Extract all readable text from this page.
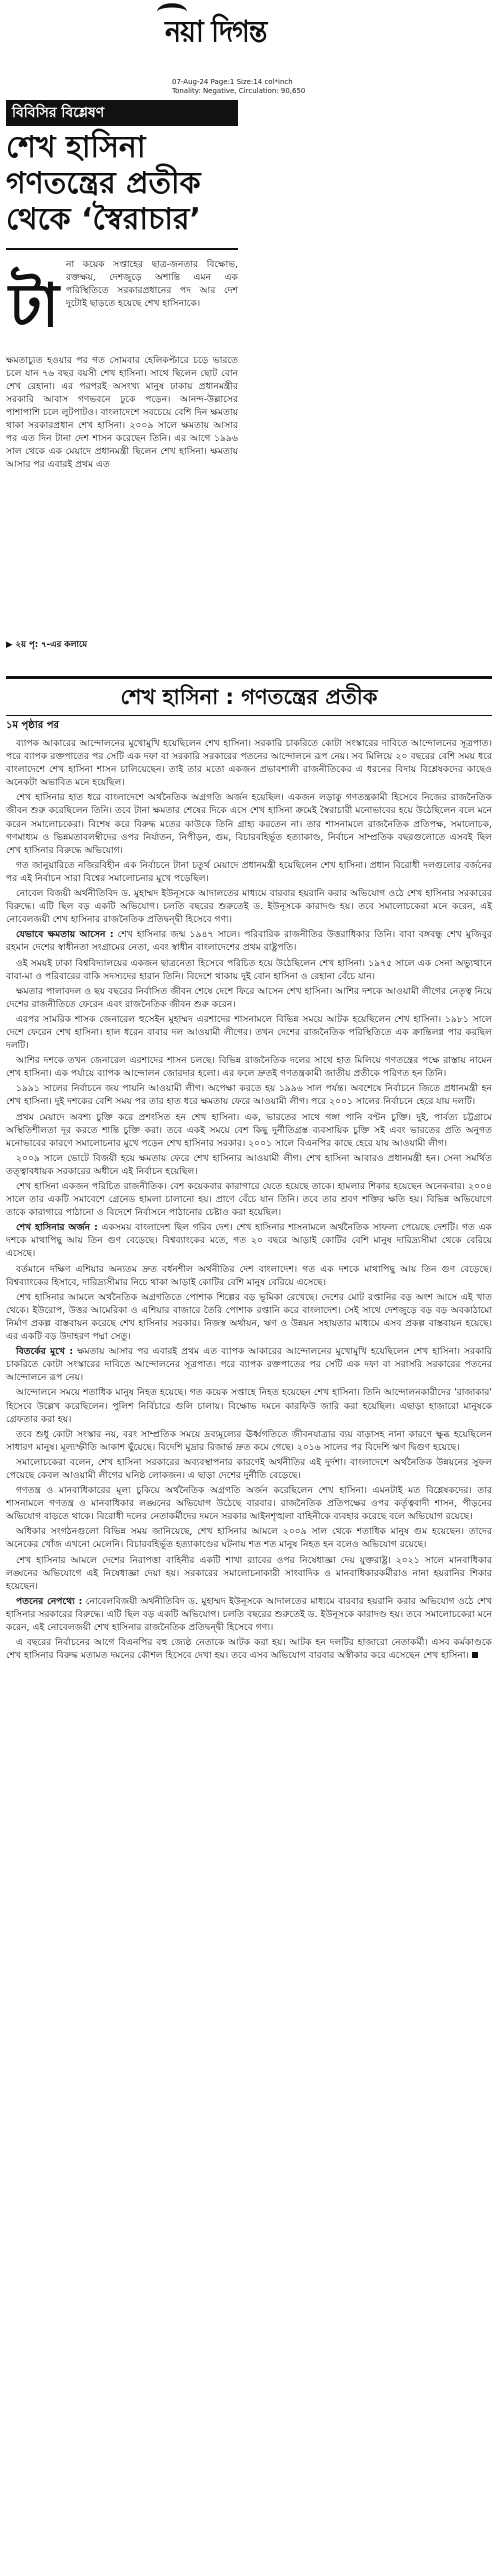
নয়া দিগন্ত
07-Aug-24 Page:1 Size:14 col*inch
Tonality: Negative, Circulation: 90,650
বিবিসির বিশ্লেষণ
শেখ হাসিনা
গণতন্ত্রের প্রতীক
থেকে ‘স্বৈরাচার’
টা
না কয়েক সপ্তাহের ছাত্র-জনতার বিক্ষোভ, রক্তক্ষয়, দেশজুড়ে অশান্তি এমন এক পরিস্থিতিতে সরকারপ্রধানের পদ আর দেশ দুটোই ছাড়তে হয়েছে শেখ হাসিনাকে।
ক্ষমতাচ্যুত হওয়ার পর গত সোমবার হেলিকপ্টারে চড়ে ভারতে চলে যান ৭৬ বছর বয়সী শেখ হাসিনা। সাথে ছিলেন ছোট বোন শেখ রেহানা। এর পরপরই অসংখ্য মানুষ ঢাকায় প্রধানমন্ত্রীর সরকারি আবাস গণভবনে ঢুকে পড়েন। আনন্দ-উল্লাসের পাশাপাশি চলে লুটপাটও। বাংলাদেশে সবচেয়ে বেশি দিন ক্ষমতায় থাকা সরকারপ্রধান শেখ হাসিনা। ২০০৯ সালে ক্ষমতায় আসার পর এত দিন টানা দেশ শাসন করেছেন তিনি। এর আগে ১৯৯৬ সাল থেকে এক মেয়াদে প্রধানমন্ত্রী ছিলেন শেখ হাসিনা। ক্ষমতায় আসার পর এবারই প্রথম এত
▶ ২য় পৃ: ৭-এর কলামে
শেখ হাসিনা : গণতন্ত্রের প্রতীক
১ম পৃষ্ঠার পর

ব্যাপক আকারের আন্দোলনের মুখোমুখি হয়েছিলেন শেখ হাসিনা। সরকারি চাকরিতে কোটা সংস্কারের দাবিতে আন্দোলনের সূত্রপাত। পরে ব্যাপক রক্তপাতের পর সেটি এক দফা বা সরকারি সরকারের পতনের আন্দোলনে রূপ নেয়। সব মিলিয়ে ২০ বছরের বেশি সময় ধরে বাংলাদেশে শেখ হাসিনা শাসন চালিয়েছেন। তাই তার মতো একজন প্রভাবশালী রাজনীতিকের এ ধরনের বিদায় বিশ্লেষকদের কাছেও অনেকটা অভাবিত মনে হয়েছিল।

শেখ হাসিনার হাত ধরে বাংলাদেশে অর্থনৈতিক অগ্রগতি অর্জন হয়েছিল। একজন লড়াকু গণতন্ত্রকামী হিসেবে নিজের রাজনৈতিক জীবন শুরু করেছিলেন তিনি। তবে টানা ক্ষমতার শেষের দিকে এসে শেখ হাসিনা ক্রমেই স্বৈরাচারী মনোভাবের হয়ে উঠেছিলেন বলে মনে করেন সমালোচকেরা। বিশেষ করে বিরুদ্ধ মতের কাউকে তিনি গ্রাহ্য করতেন না। তার শাসনামলে রাজনৈতিক প্রতিপক্ষ, সমালোচক, গণমাধ্যম ও ভিন্নমতাবলম্বীদের ওপর নির্যাতন, নিপীড়ন, গুম, বিচারবহির্ভূত হত্যাকাণ্ড, নির্বাচন সাম্প্রতিক বছরগুলোতে এসবই ছিল শেখ হাসিনার বিরুদ্ধে অভিযোগ।

গত জানুয়ারিতে নজিরবিহীন এক নির্বাচনে টানা চতুর্থ মেয়াদে প্রধানমন্ত্রী হয়েছিলেন শেখ হাসিনা। প্রধান বিরোধী দলগুলোর বর্জনের পর এই নির্বাচন সারা বিশ্বের সমালোচনার মুখে পড়েছিল।

নোবেল বিজয়ী অর্থনীতিবিদ ড. মুহাম্মদ ইউনূসকে আদালতের মাধ্যমে বারবার হয়রানি করার অভিযোগ ওঠে শেখ হাসিনার সরকারের বিরুদ্ধে। এটি ছিল বড় একটি অভিযোগ। চলতি বছরের শুরুতেই ড. ইউনূসকে কারাদণ্ড হয়। তবে সমালোচকেরা মনে করেন, এই নোবেলজয়ী শেখ হাসিনার রাজনৈতিক প্রতিদ্বন্দ্বী হিসেবে গণ্য।

যেভাবে ক্ষমতায় আসেন : শেখ হাসিনার জন্ম ১৯৪৭ সালে। পরিবারিক রাজনীতির উত্তরাধিকার তিনি। বাবা বঙ্গবন্ধু শেখ মুজিবুর রহমান দেশের স্বাধীনতা সংগ্রামের নেতা, এবং স্বাধীন বাংলাদেশের প্রথম রাষ্ট্রপতি।

ওই সময়ই ঢাকা বিশ্ববিদ্যালয়ের একজন ছাত্রনেতা হিসেবে পরিচিত হয়ে উঠেছিলেন শেখ হাসিনা। ১৯৭৫ সালে এক সেনা অভ্যুত্থানে বাবা-মা ও পরিবারের বাকি সদস্যদের হারান তিনি। বিদেশে থাকায় দুই বোন হাসিনা ও রেহানা বেঁচে যান।

ক্ষমতার পালাবদল ও ছয় বছরের নির্বাসিত জীবন শেষে দেশে ফিরে আসেন শেখ হাসিনা। আশির দশকে আওয়ামী লীগের নেতৃত্ব নিয়ে দেশের রাজনীতিতে ফেরেন এবং রাজনৈতিক জীবন শুরু করেন।

এরপর সামরিক শাসক জেনারেল হুসেইন মুহাম্মদ এরশাদের শাসনামলে বিভিন্ন সময়ে আটক হয়েছিলেন শেখ হাসিনা। ১৯৮১ সালে দেশে ফেরেন শেখ হাসিনা। হাল ধরেন বাবার দল আওয়ামী লীগের। তখন দেশের রাজনৈতিক পরিস্থিতিতে এক ক্রান্তিলগ্ন পার করছিল দলটি।

আশির দশকে তখন জেনারেল এরশাদের শাসন চলছে। বিভিন্ন রাজনৈতিক দলের সাথে হাত মিলিয়ে গণতন্ত্রের পক্ষে রাস্তায় নামেন শেখ হাসিনা। এক পর্যায়ে ব্যাপক আন্দোলন জোরদার হলো। এর ফলে দ্রুতই গণতন্ত্রকামী জাতীয় প্রতীকে পরিণত হন তিনি।

১৯৯১ সালের নির্বাচনে জয় পায়নি আওয়ামী লীগ। অপেক্ষা করতে হয় ১৯৯৬ সাল পর্যন্ত। অবশেষে নির্বাচনে জিতে প্রধানমন্ত্রী হন শেখ হাসিনা। দুই দশকের বেশি সময় পর তার হাত ধরে ক্ষমতায় ফেরে আওয়ামী লীগ। পরে ২০০১ সালের নির্বাচনে হেরে যায় দলটি।

প্রথম মেয়াদে অবশ্য চুক্তি করে প্রশংসিত হন শেখ হাসিনা। এক, ভারতের সাথে গঙ্গা পানি বণ্টন চুক্তি। দুই, পার্বত্য চট্টগ্রামে অস্থিতিশীলতা দূর করতে শান্তি চুক্তি করা। তবে একই সময়ে বেশ কিছু দুর্নীতিগ্রস্ত ব্যবসায়িক চুক্তি সই এবং ভারতের প্রতি অনুগত মনোভাবের কারণে সমালোচনার মুখে পড়েন শেখ হাসিনার সরকার। ২০০১ সালে বিএনপির কাছে হেরে যায় আওয়ামী লীগ।

২০০৯ সালে ভোটে বিজয়ী হয়ে ক্ষমতায় ফেরে শেখ হাসিনার আওয়ামী লীগ। শেখ হাসিনা আবারও প্রধানমন্ত্রী হন। সেনা সমর্থিত তত্ত্বাবধায়ক সরকারের অধীনে এই নির্বাচন হয়েছিল।

শেখ হাসিনা একজন পরিচিত রাজনীতিক। বেশ কয়েকবার কারাগারে যেতে হয়েছে তাকে। হামলার শিকার হয়েছেন অনেকবার। ২০০৪ সালে তার একটি সমাবেশে গ্রেনেড হামলা চালানো হয়। প্রাণে বেঁচে যান তিনি। তবে তার শ্রবণ শক্তির ক্ষতি হয়। বিভিন্ন অভিযোগে তাকে কারাগারে পাঠানো ও বিদেশে নির্বাসনে পাঠানোর চেষ্টাও করা হয়েছিল।

শেখ হাসিনার অর্জন : একসময় বাংলাদেশ ছিল গরিব দেশ। শেখ হাসিনার শাসনামলে অর্থনৈতিক সাফল্য পেয়েছে দেশটি। গত এক দশকে মাথাপিছু আয় তিন গুণ বেড়েছে। বিশ্বব্যাংকের মতে, গত ২০ বছরে আড়াই কোটির বেশি মানুষ দারিদ্র্যসীমা থেকে বেরিয়ে এসেছে।

বর্তমানে দক্ষিণ এশিয়ার অন্যতম দ্রুত বর্ধনশীল অর্থনীতির দেশ বাংলাদেশ। গত এক দশকে মাথাপিছু আয় তিন গুণ বেড়েছে। বিশ্বব্যাংকের হিসাবে, দারিদ্র্যসীমার নিচে থাকা আড়াই কোটির বেশি মানুষ বেরিয়ে এসেছে।

শেখ হাসিনার আমলে অর্থনৈতিক অগ্রগতিতে পোশাক শিল্পের বড় ভূমিকা রেখেছে। দেশের মোট রপ্তানির বড় অংশ আসে এই খাত থেকে। ইউরোপ, উত্তর আমেরিকা ও এশিয়ার বাজারে তৈরি পোশাক রপ্তানি করে বাংলাদেশ। সেই সাথে দেশজুড়ে বড় বড় অবকাঠামো নির্মাণ প্রকল্প বাস্তবায়ন করেছে শেখ হাসিনার সরকার। নিজস্ব অর্থায়ন, ঋণ ও উন্নয়ন সহায়তার মাধ্যমে এসব প্রকল্প বাস্তবায়ন হয়েছে। এর একটি বড় উদাহরণ পদ্মা সেতু।

বিতর্কের মুখে : ক্ষমতায় আসার পর এবারই প্রথম এত ব্যাপক আকারের আন্দোলনের মুখোমুখি হয়েছিলেন শেখ হাসিনা। সরকারি চাকরিতে কোটা সংস্কারের দাবিতে আন্দোলনের সূত্রপাত। পরে ব্যাপক রক্তপাতের পর সেটি এক দফা বা সরাসরি সরকারের পতনের আন্দোলনে রূপ নেয়।

আন্দোলনে সময়ে শতাধিক মানুষ নিহত হয়েছে। গত কয়েক সপ্তাহে নিহত হয়েছেন শেখ হাসিনা। তিনি আন্দোলনকারীদের 'রাজাকার' হিসেবে উল্লেখ করেছিলেন। পুলিশ নির্বিচারে গুলি চালায়। বিক্ষোভ দমনে কারফিউ জারি করা হয়েছিল। এছাড়া হাজারো মানুষকে গ্রেফতার করা হয়।

তবে শুধু কোটা সংস্কার নয়, বরং সাম্প্রতিক সময়ে দ্রব্যমূল্যের ঊর্ধ্বগতিতে জীবনযাত্রার ব্যয় বাড়াসহ নানা কারণে ক্ষুব্ধ হয়েছিলেন সাধারণ মানুষ। মূল্যস্ফীতি আকাশ ছুঁয়েছে। বিদেশি মুদ্রার রিজার্ভ দ্রুত কমে গেছে। ২০১৬ সালের পর বিদেশি ঋণ দ্বিগুণ হয়েছে।

সমালোচকেরা বলেন, শেখ হাসিনা সরকারের অব্যবস্থাপনার কারণেই অর্থনীতির এই দুর্দশা। বাংলাদেশে অর্থনৈতিক উন্নয়নের সুফল পেয়েছে কেবল আওয়ামী লীগের ঘনিষ্ঠ লোকজন। এ ছাড়া দেশের দুর্নীতি বেড়েছে।

গণতন্ত্র ও মানবাধিকারের মূল্য চুকিয়ে অর্থনৈতিক অগ্রগতি অর্জন করেছিলেন শেখ হাসিনা। এমনটাই মত বিশ্লেষকদের। তার শাসনামলে গণতন্ত্র ও মানবাধিকার লঙ্ঘনের অভিযোগ উঠেছে বারবার। রাজনৈতিক প্রতিপক্ষের ওপর কর্তৃত্ববাদী শাসন, পীড়নের অভিযোগ বাড়তে থাকে। বিরোধী দলের নেতাকর্মীদের দমনে সরকার আইনশৃঙ্খলা বাহিনীকে ব্যবহার করেছে বলে অভিযোগ রয়েছে।

অধিকার সংগঠনগুলো বিভিন্ন সময় জানিয়েছে, শেখ হাসিনার আমলে ২০০৯ সাল থেকে শতাধিক মানুষ গুম হয়েছেন। তাদের অনেকের খোঁজ এখনো মেলেনি। বিচারবহির্ভূত হত্যাকাণ্ডের ঘটনায় শত শত মানুষ নিহত হন বলেও অভিযোগ রয়েছে।

শেখ হাসিনার আমলে দেশের নিরাপত্তা বাহিনীর একটি শাখা র‍্যাবের ওপর নিষেধাজ্ঞা দেয় যুক্তরাষ্ট্র। ২০২১ সালে মানবাধিকার লঙ্ঘনের অভিযোগে এই নিষেধাজ্ঞা দেয়া হয়। সরকারের সমালোচনাকারী সাংবাদিক ও মানবাধিকারকর্মীরাও নানা হয়রানির শিকার হয়েছেন।

পতনের নেপথ্যে : নোবেলবিজয়ী অর্থনীতিবিদ ড. মুহাম্মদ ইউনূসকে আদালতের মাধ্যমে বারবার হয়রানি করার অভিযোগ ওঠে শেখ হাসিনার সরকারের বিরুদ্ধে। এটি ছিল বড় একটি অভিযোগ। চলতি বছরের শুরুতেই ড. ইউনূসকে কারাদণ্ড হয়। তবে সমালোচকেরা মনে করেন, এই নোবেলজয়ী শেখ হাসিনার রাজনৈতিক প্রতিদ্বন্দ্বী হিসেবে গণ্য।

এ বছরের নির্বাচনের আগে বিএনপির বহু জ্যেষ্ঠ নেতাকে আটক করা হয়। আটক হন দলটির হাজারো নেতাকর্মী। এসব কর্মকাণ্ডকে শেখ হাসিনার বিরুদ্ধ মতামত দমনের কৌশল হিসেবে দেখা হয়। তবে এসব অভিযোগ বারবার অস্বীকার করে এসেছেন শেখ হাসিনা।
